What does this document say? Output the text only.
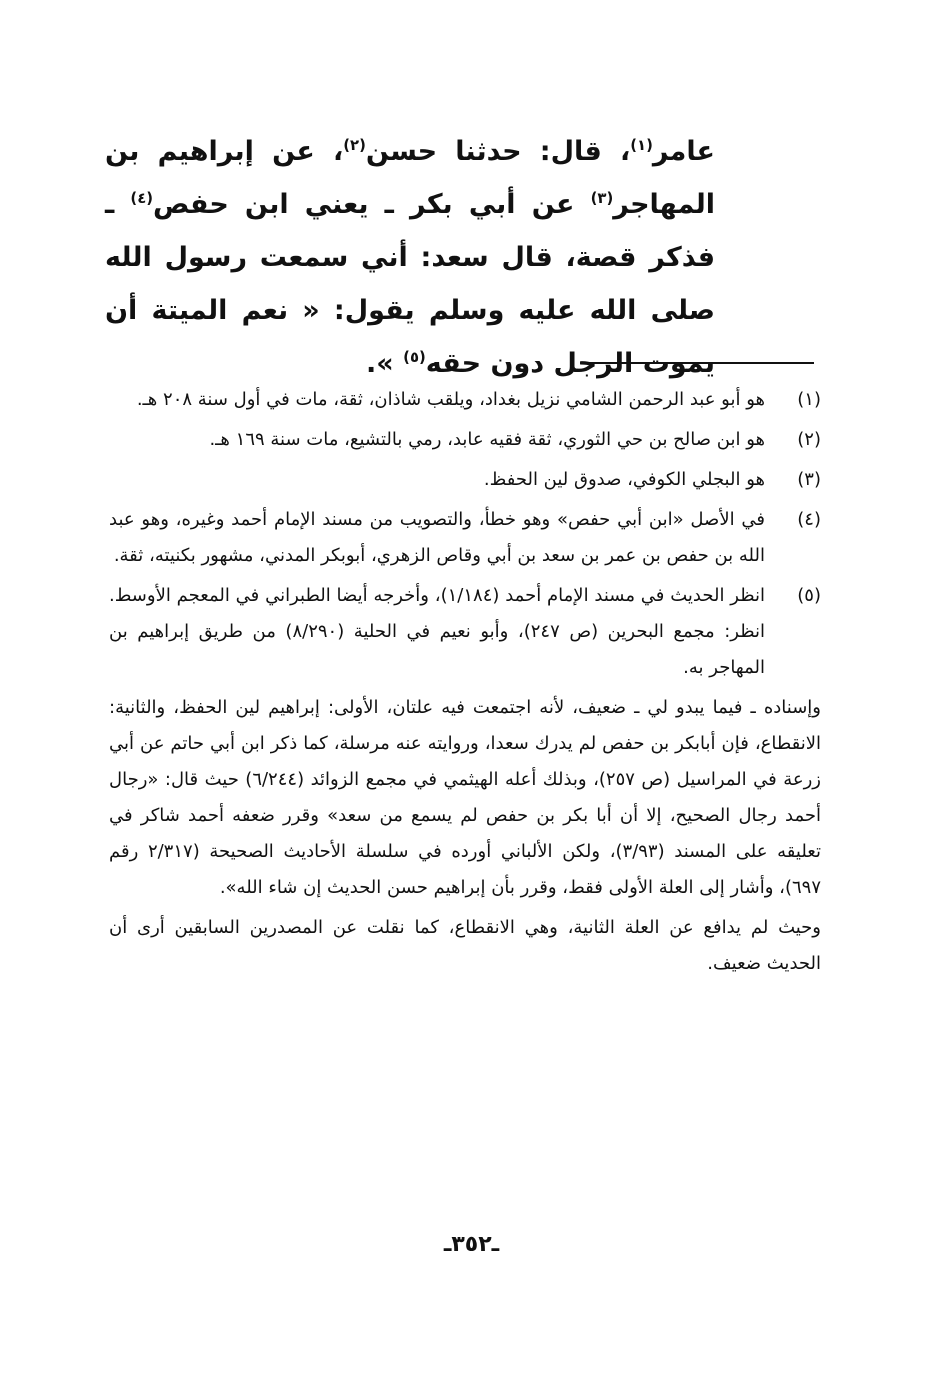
عامر$^{(١)}$، قال: حدثنا حسن$^{(٢)}$، عن إبراهيم بن المهاجر$^{(٣)}$ عن أبي بكر ـ يعني ابن حفص$^{(٤)}$ ـ فذكر قصة، قال سعد: أني سمعت رسول الله صلى الله عليه وسلم يقول: « نعم الميتة أن يموت الرجل دون حقه$^{(٥)}$ ».
(١)
هو أبو عبد الرحمن الشامي نزيل بغداد، ويلقب شاذان، ثقة، مات في أول سنة ٢٠٨ هـ.
(٢)
هو ابن صالح بن حي الثوري، ثقة فقيه عابد، رمي بالتشيع، مات سنة ١٦٩ هـ.
(٣)
هو البجلي الكوفي، صدوق لين الحفظ.
(٤)
في الأصل «ابن أبي حفص» وهو خطأ، والتصويب من مسند الإمام أحمد وغيره، وهو عبد الله بن حفص بن عمر بن سعد بن أبي وقاص الزهري، أبوبكر المدني، مشهور بكنيته، ثقة.
(٥)
انظر الحديث في مسند الإمام أحمد (١/١٨٤)، وأخرجه أيضا الطبراني في المعجم الأوسط. انظر: مجمع البحرين (ص ٢٤٧)، وأبو نعيم في الحلية (٨/٢٩٠) من طريق إبراهيم بن المهاجر به.
وإسناده ـ فيما يبدو لي ـ ضعيف، لأنه اجتمعت فيه علتان، الأولى: إبراهيم لين الحفظ، والثانية: الانقطاع، فإن أبابكر بن حفص لم يدرك سعدا، وروايته عنه مرسلة، كما ذكر ابن أبي حاتم عن أبي زرعة في المراسيل (ص ٢٥٧)، وبذلك أعله الهيثمي في مجمع الزوائد (٦/٢٤٤) حيث قال: «رجال أحمد رجال الصحيح، إلا أن أبا بكر بن حفص لم يسمع من سعد» وقرر ضعفه أحمد شاكر في تعليقه على المسند (٣/٩٣)، ولكن الألباني أورده في سلسلة الأحاديث الصحيحة (٢/٣١٧ رقم ٦٩٧)، وأشار إلى العلة الأولى فقط، وقرر بأن إبراهيم حسن الحديث إن شاء الله».
وحيث لم يدافع عن العلة الثانية، وهي الانقطاع، كما نقلت عن المصدرين السابقين أرى أن الحديث ضعيف.
ـ٣٥٢ـ
